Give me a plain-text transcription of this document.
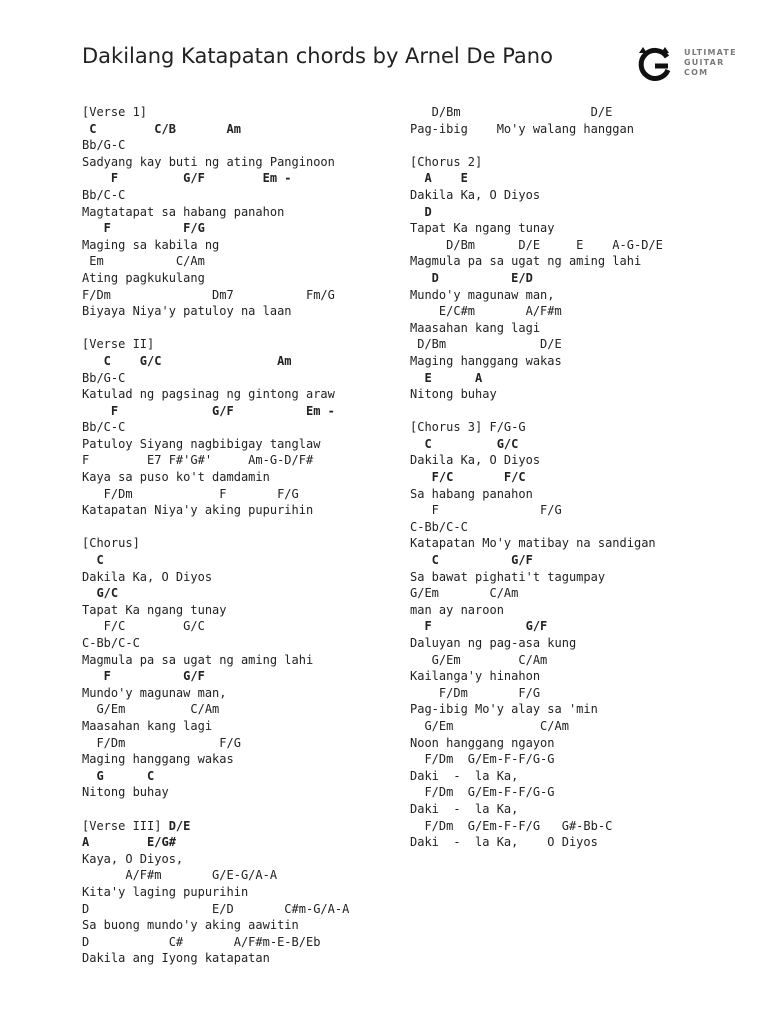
Dakilang Katapatan chords by Arnel De Pano	ULTIMATE
GUITAR
COM
[Verse 1]
C        C/B       Am
Bb/G-C
Sadyang kay buti ng ating Panginoon
F         G/F        Em -
Bb/C-C
Magtatapat sa habang panahon
F          F/G
Maging sa kabila ng
Em          C/Am
Ating pagkukulang
F/Dm              Dm7          Fm/G
Biyaya Niya'y patuloy na laan
[Verse II]
C    G/C                Am
Bb/G-C
Katulad ng pagsinag ng gintong araw
F             G/F          Em -
Bb/C-C
Patuloy Siyang nagbibigay tanglaw
F        E7 F#'G#'     Am-G-D/F#
Kaya sa puso ko't damdamin
F/Dm            F       F/G
Katapatan Niya'y aking pupurihin
[Chorus]
C
Dakila Ka, O Diyos
G/C
Tapat Ka ngang tunay
F/C        G/C
C-Bb/C-C
Magmula pa sa ugat ng aming lahi
F          G/F
Mundo'y magunaw man,
G/Em         C/Am
Maasahan kang lagi
F/Dm             F/G
Maging hanggang wakas
G      C
Nitong buhay
[Verse III] D/E
A        E/G#
Kaya, O Diyos,
A/F#m       G/E-G/A-A
Kita'y laging pupurihin
D                 E/D       C#m-G/A-A
Sa buong mundo'y aking aawitin
D           C#       A/F#m-E-B/Eb
Dakila ang Iyong katapatan
D/Bm                  D/E
Pag-ibig    Mo'y walang hanggan
[Chorus 2]
A    E
Dakila Ka, O Diyos
D
Tapat Ka ngang tunay
D/Bm      D/E     E    A-G-D/E
Magmula pa sa ugat ng aming lahi
D          E/D
Mundo'y magunaw man,
E/C#m       A/F#m
Maasahan kang lagi
D/Bm             D/E
Maging hanggang wakas
E      A
Nitong buhay
[Chorus 3] F/G-G
C         G/C
Dakila Ka, O Diyos
F/C       F/C
Sa habang panahon
F              F/G
C-Bb/C-C
Katapatan Mo'y matibay na sandigan
C          G/F
Sa bawat pighati't tagumpay
G/Em       C/Am
man ay naroon
F             G/F
Daluyan ng pag-asa kung
G/Em        C/Am
Kailanga'y hinahon
F/Dm       F/G
Pag-ibig Mo'y alay sa 'min
G/Em            C/Am
Noon hanggang ngayon
F/Dm  G/Em-F-F/G-G
Daki  -  la Ka,
F/Dm  G/Em-F-F/G-G
Daki  -  la Ka,
F/Dm  G/Em-F-F/G   G#-Bb-C
Daki  -  la Ka,    O Diyos
